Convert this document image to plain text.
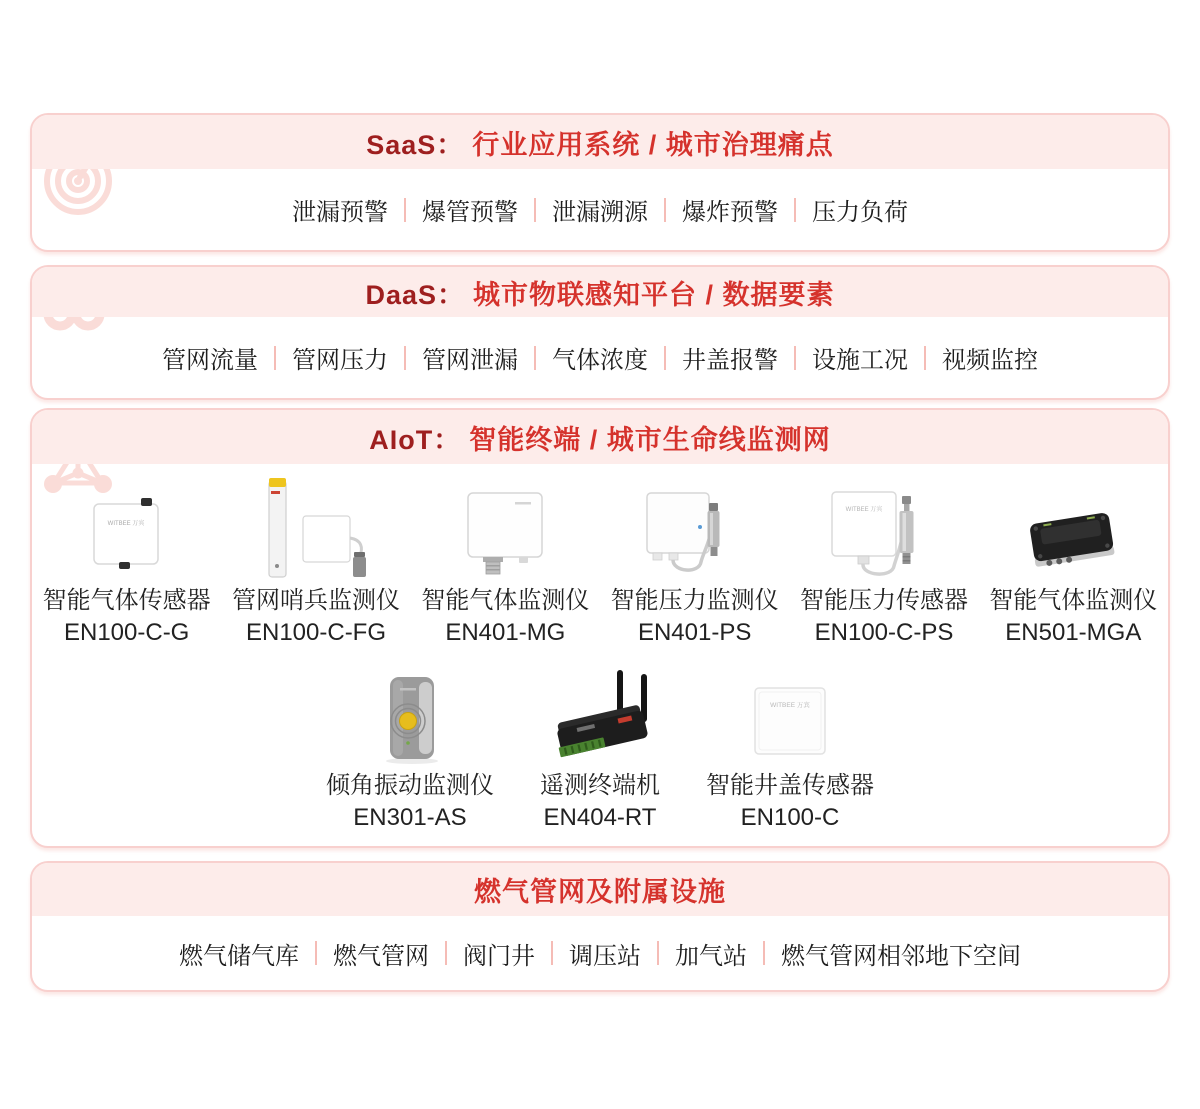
SaaS： 行业应用系统 / 城市治理痛点
泄漏预警 爆管预警 泄漏溯源 爆炸预警 压力负荷
DaaS： 城市物联感知平台 / 数据要素
管网流量 管网压力 管网泄漏 气体浓度 井盖报警 设施工况 视频监控
AIoT： 智能终端 / 城市生命线监测网
WITBEE 万宾
智能气体传感器
EN100-C-G
管网哨兵监测仪
EN100-C-FG
智能气体监测仪
EN401-MG
智能压力监测仪
EN401-PS
WITBEE 万宾
智能压力传感器
EN100-C-PS
智能气体监测仪
EN501-MGA
倾角振动监测仪
EN301-AS
遥测终端机
EN404-RT
WITBEE 万宾
智能井盖传感器
EN100-C
燃气管网及附属设施
燃气储气库 燃气管网 阀门井 调压站 加气站 燃气管网相邻地下空间
